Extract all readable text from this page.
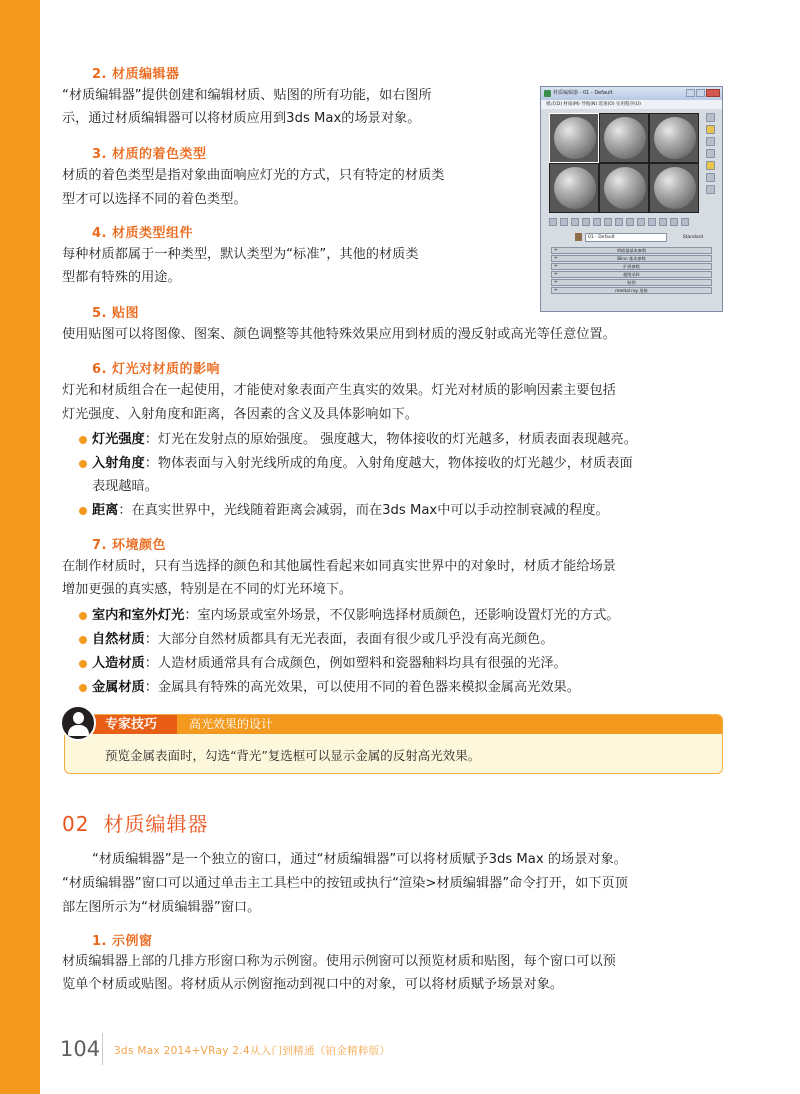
2. 材质编辑器
“材质编辑器”提供创建和编辑材质、贴图的所有功能，如右图所
示，通过材质编辑器可以将材质应用到3ds Max的场景对象。
3. 材质的着色类型
材质的着色类型是指对象曲面响应灯光的方式，只有特定的材质类
型才可以选择不同的着色类型。
4. 材质类型组件
每种材质都属于一种类型，默认类型为“标准”，其他的材质类
型都有特殊的用途。
材质编辑器 - 01 - Default
模式(D) 材质(M) 导航(N) 选项(O) 实用程序(U)
01 - Default	Standard
+ 明暗器基本参数
+ Blinn 基本参数
+ 扩展参数
+ 超级采样
+ 贴图
+ mental ray 连接
5. 贴图
使用贴图可以将图像、图案、颜色调整等其他特殊效果应用到材质的漫反射或高光等任意位置。
6. 灯光对材质的影响
灯光和材质组合在一起使用，才能使对象表面产生真实的效果。灯光对材质的影响因素主要包括
灯光强度、入射角度和距离，各因素的含义及具体影响如下。
灯光强度：灯光在发射点的原始强度。 强度越大，物体接收的灯光越多，材质表面表现越亮。
入射角度：物体表面与入射光线所成的角度。入射角度越大，物体接收的灯光越少，材质表面
表现越暗。
距离：在真实世界中，光线随着距离会减弱，而在3ds Max中可以手动控制衰减的程度。
7. 环境颜色
在制作材质时，只有当选择的颜色和其他属性看起来如同真实世界中的对象时，材质才能给场景
增加更强的真实感，特别是在不同的灯光环境下。
室内和室外灯光：室内场景或室外场景，不仅影响选择材质颜色，还影响设置灯光的方式。
自然材质：大部分自然材质都具有无光表面，表面有很少或几乎没有高光颜色。
人造材质：人造材质通常具有合成颜色，例如塑料和瓷器釉料均具有很强的光泽。
金属材质：金属具有特殊的高光效果，可以使用不同的着色器来模拟金属高光效果。
专家技巧	高光效果的设计
预览金属表面时，勾选“背光”复选框可以显示金属的反射高光效果。
02 材质编辑器
“材质编辑器”是一个独立的窗口，通过“材质编辑器”可以将材质赋予3ds Max 的场景对象。
“材质编辑器”窗口可以通过单击主工具栏中的按钮或执行“渲染>材质编辑器”命令打开，如下页顶
部左图所示为“材质编辑器”窗口。
1. 示例窗
材质编辑器上部的几排方形窗口称为示例窗。使用示例窗可以预览材质和贴图，每个窗口可以预
览单个材质或贴图。将材质从示例窗拖动到视口中的对象，可以将材质赋予场景对象。
104 3ds Max 2014+VRay 2.4从入门到精通（铂金精粹版）
